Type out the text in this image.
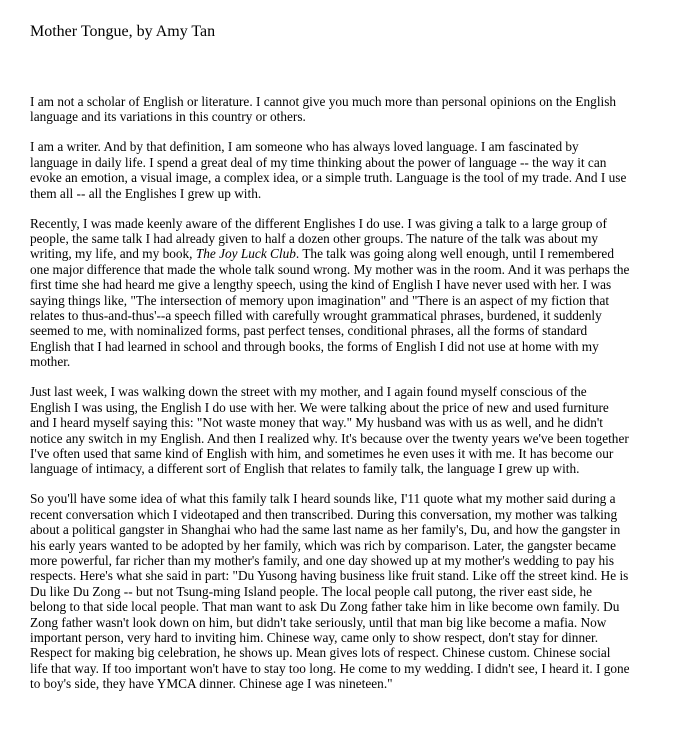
Mother Tongue, by Amy Tan

I am not a scholar of English or literature. I cannot give you much more than personal opinions on the English language and its variations in this country or others.

I am a writer. And by that definition, I am someone who has always loved language. I am fascinated by language in daily life. I spend a great deal of my time thinking about the power of language -- the way it can evoke an emotion, a visual image, a complex idea, or a simple truth. Language is the tool of my trade. And I use them all -- all the Englishes I grew up with.

Recently, I was made keenly aware of the different Englishes I do use. I was giving a talk to a large group of people, the same talk I had already given to half a dozen other groups. The nature of the talk was about my writing, my life, and my book, The Joy Luck Club. The talk was going along well enough, until I remembered one major difference that made the whole talk sound wrong. My mother was in the room. And it was perhaps the first time she had heard me give a lengthy speech, using the kind of English I have never used with her. I was saying things like, "The intersection of memory upon imagination" and "There is an aspect of my fiction that relates to thus-and-thus'--a speech filled with carefully wrought grammatical phrases, burdened, it suddenly seemed to me, with nominalized forms, past perfect tenses, conditional phrases, all the forms of standard English that I had learned in school and through books, the forms of English I did not use at home with my mother.

Just last week, I was walking down the street with my mother, and I again found myself conscious of the English I was using, the English I do use with her. We were talking about the price of new and used furniture and I heard myself saying this: "Not waste money that way." My husband was with us as well, and he didn't notice any switch in my English. And then I realized why. It's because over the twenty years we've been together I've often used that same kind of English with him, and sometimes he even uses it with me. It has become our language of intimacy, a different sort of English that relates to family talk, the language I grew up with.

So you'll have some idea of what this family talk I heard sounds like, I'11 quote what my mother said during a recent conversation which I videotaped and then transcribed. During this conversation, my mother was talking about a political gangster in Shanghai who had the same last name as her family's, Du, and how the gangster in his early years wanted to be adopted by her family, which was rich by comparison. Later, the gangster became more powerful, far richer than my mother's family, and one day showed up at my mother's wedding to pay his respects. Here's what she said in part: "Du Yusong having business like fruit stand. Like off the street kind. He is Du like Du Zong -- but not Tsung-ming Island people. The local people call putong, the river east side, he belong to that side local people. That man want to ask Du Zong father take him in like become own family. Du Zong father wasn't look down on him, but didn't take seriously, until that man big like become a mafia. Now important person, very hard to inviting him. Chinese way, came only to show respect, don't stay for dinner. Respect for making big celebration, he shows up. Mean gives lots of respect. Chinese custom. Chinese social life that way. If too important won't have to stay too long. He come to my wedding. I didn't see, I heard it. I gone to boy's side, they have YMCA dinner. Chinese age I was nineteen."
